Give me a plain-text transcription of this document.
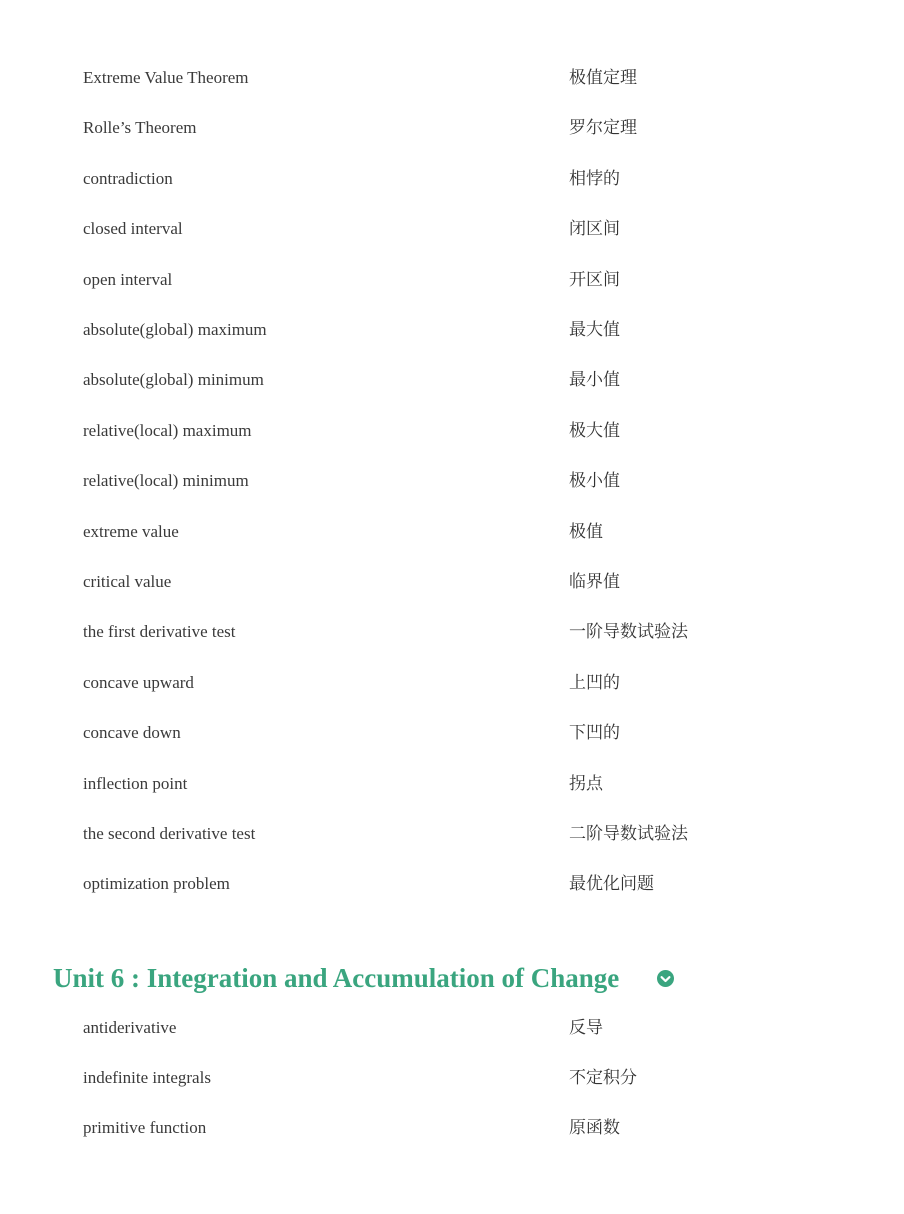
Extreme Value Theorem	极值定理
Rolle’s Theorem	罗尔定理
contradiction	相悖的
closed interval	闭区间
open interval	开区间
absolute(global) maximum	最大值
absolute(global) minimum	最小值
relative(local) maximum	极大值
relative(local) minimum	极小值
extreme value	极值
critical value	临界值
the first derivative test	一阶导数试验法
concave upward	上凹的
concave down	下凹的
inflection point	拐点
the second derivative test	二阶导数试验法
optimization problem	最优化问题
Unit 6 : Integration and Accumulation of Change
antiderivative	反导
indefinite integrals	不定积分
primitive function	原函数
